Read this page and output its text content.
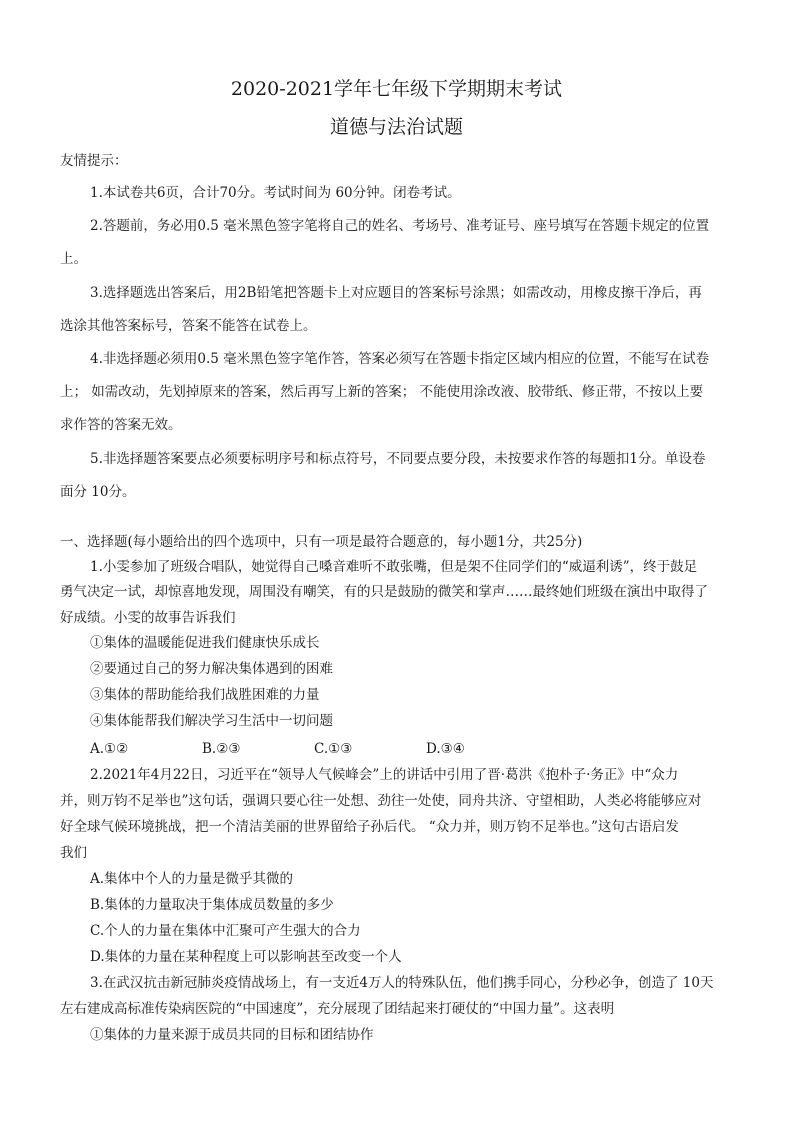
2020-2021学年七年级下学期期末考试
道德与法治试题
友情提示：
1.本试卷共6页，合计70分。考试时间为 60分钟。闭卷考试。
2.答题前，务必用0.5 毫米黑色签字笔将自己的姓名、考场号、准考证号、座号填写在答题卡规定的位置
上。
3.选择题选出答案后，用2B铅笔把答题卡上对应题目的答案标号涂黑；如需改动，用橡皮擦干净后，再
选涂其他答案标号，答案不能答在试卷上。
4.非选择题必须用0.5 毫米黑色签字笔作答，答案必须写在答题卡指定区域内相应的位置，不能写在试卷
上； 如需改动，先划掉原来的答案，然后再写上新的答案； 不能使用涂改液、胶带纸、修正带，不按以上要
求作答的答案无效。
5.非选择题答案要点必须要标明序号和标点符号，不同要点要分段，未按要求作答的每题扣1分。单设卷
面分 10分。
一、选择题(每小题给出的四个选项中，只有一项是最符合题意的，每小题1分，共25分)
1.小雯参加了班级合唱队，她觉得自己嗓音难听不敢张嘴，但是架不住同学们的“威逼利诱”，终于鼓足
勇气决定一试，却惊喜地发现，周围没有嘲笑，有的只是鼓励的微笑和掌声……最终她们班级在演出中取得了
好成绩。小雯的故事告诉我们
①集体的温暖能促进我们健康快乐成长
②要通过自己的努力解决集体遇到的困难
③集体的帮助能给我们战胜困难的力量
④集体能帮我们解决学习生活中一切问题
A.①②	B.②③	C.①③	D.③④
2.2021年4月22日，习近平在“领导人气候峰会”上的讲话中引用了晋·葛洪《抱朴子·务正》中“众力
并，则万钧不足举也”这句话，强调只要心往一处想、劲往一处使，同舟共济、守望相助，人类必将能够应对
好全球气候环境挑战，把一个清洁美丽的世界留给子孙后代。 “众力并，则万钧不足举也。”这句古语启发
我们
A.集体中个人的力量是微乎其微的
B.集体的力量取决于集体成员数量的多少
C.个人的力量在集体中汇聚可产生强大的合力
D.集体的力量在某种程度上可以影响甚至改变一个人
3.在武汉抗击新冠肺炎疫情战场上，有一支近4万人的特殊队伍，他们携手同心，分秒必争，创造了 10天
左右建成高标准传染病医院的“中国速度”，充分展现了团结起来打硬仗的“中国力量”。这表明
①集体的力量来源于成员共同的目标和团结协作
